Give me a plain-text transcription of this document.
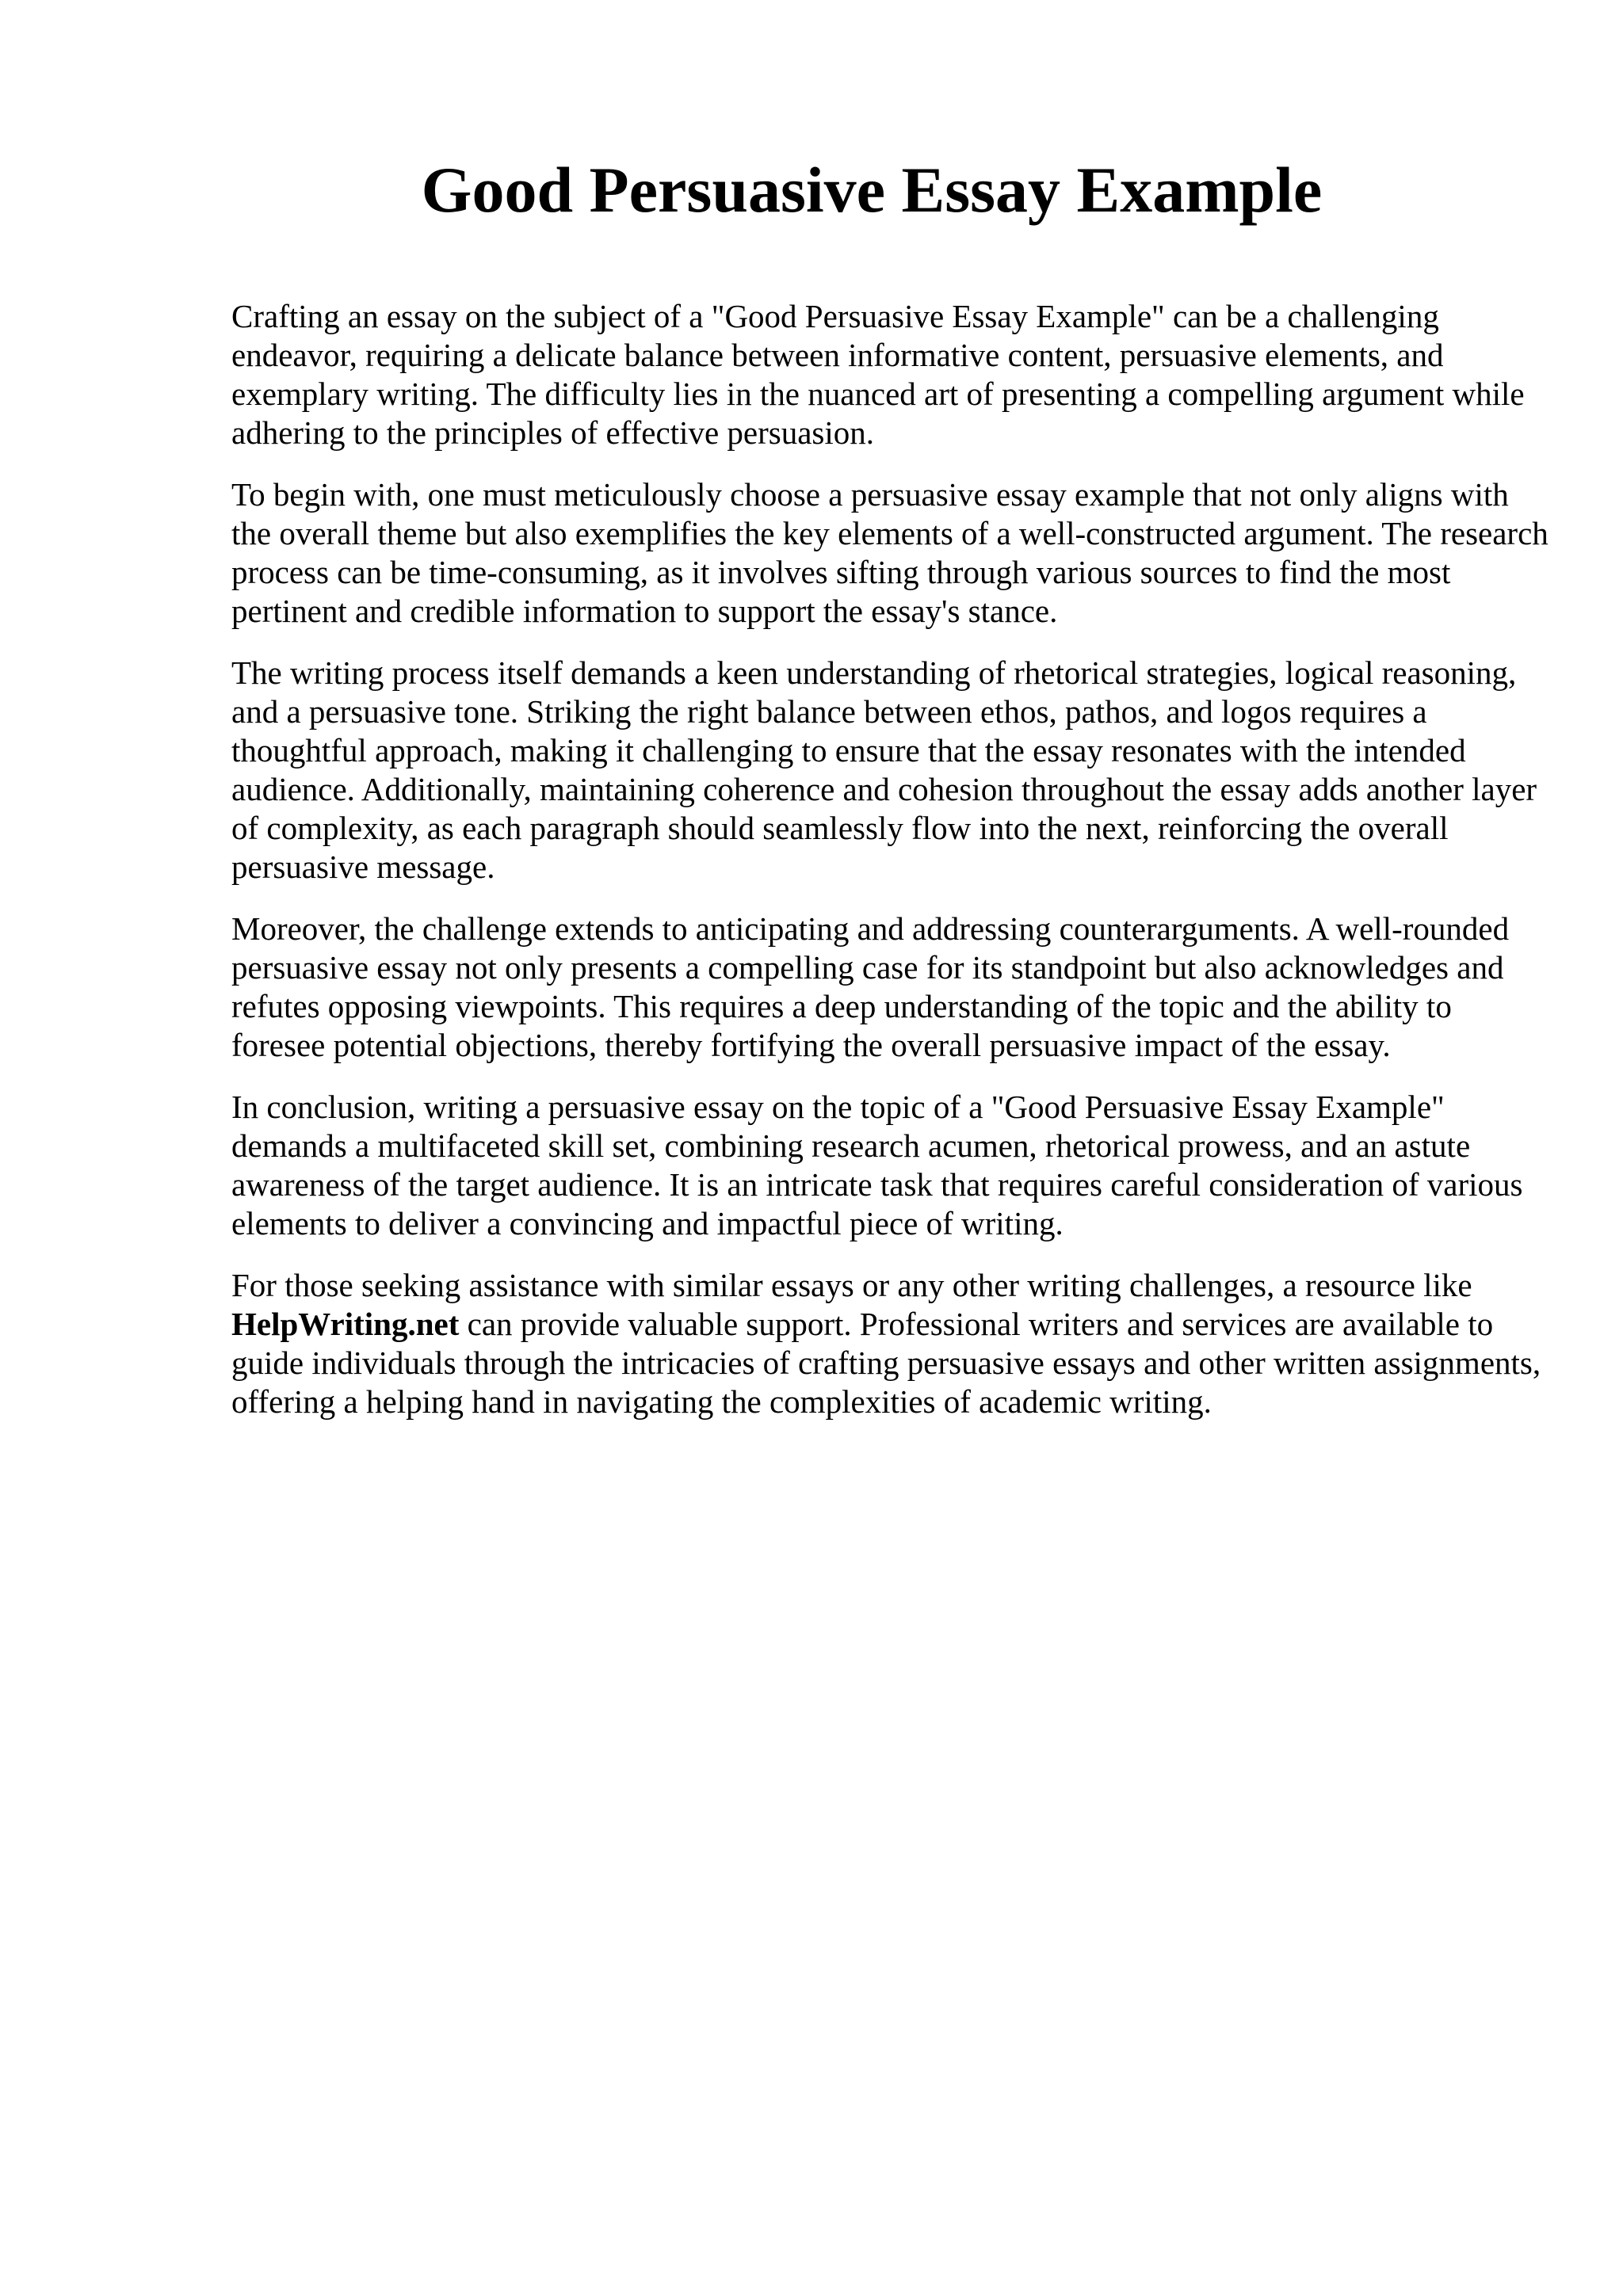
Good Persuasive Essay Example

Crafting an essay on the subject of a "Good Persuasive Essay Example" can be a challenging endeavor, requiring a delicate balance between informative content, persuasive elements, and exemplary writing. The difficulty lies in the nuanced art of presenting a compelling argument while adhering to the principles of effective persuasion.

To begin with, one must meticulously choose a persuasive essay example that not only aligns with the overall theme but also exemplifies the key elements of a well-constructed argument. The research process can be time-consuming, as it involves sifting through various sources to find the most pertinent and credible information to support the essay's stance.

The writing process itself demands a keen understanding of rhetorical strategies, logical reasoning, and a persuasive tone. Striking the right balance between ethos, pathos, and logos requires a thoughtful approach, making it challenging to ensure that the essay resonates with the intended audience. Additionally, maintaining coherence and cohesion throughout the essay adds another layer of complexity, as each paragraph should seamlessly flow into the next, reinforcing the overall persuasive message.

Moreover, the challenge extends to anticipating and addressing counterarguments. A well-rounded persuasive essay not only presents a compelling case for its standpoint but also acknowledges and refutes opposing viewpoints. This requires a deep understanding of the topic and the ability to foresee potential objections, thereby fortifying the overall persuasive impact of the essay.

In conclusion, writing a persuasive essay on the topic of a "Good Persuasive Essay Example" demands a multifaceted skill set, combining research acumen, rhetorical prowess, and an astute awareness of the target audience. It is an intricate task that requires careful consideration of various elements to deliver a convincing and impactful piece of writing.

For those seeking assistance with similar essays or any other writing challenges, a resource like HelpWriting.net can provide valuable support. Professional writers and services are available to guide individuals through the intricacies of crafting persuasive essays and other written assignments, offering a helping hand in navigating the complexities of academic writing.
